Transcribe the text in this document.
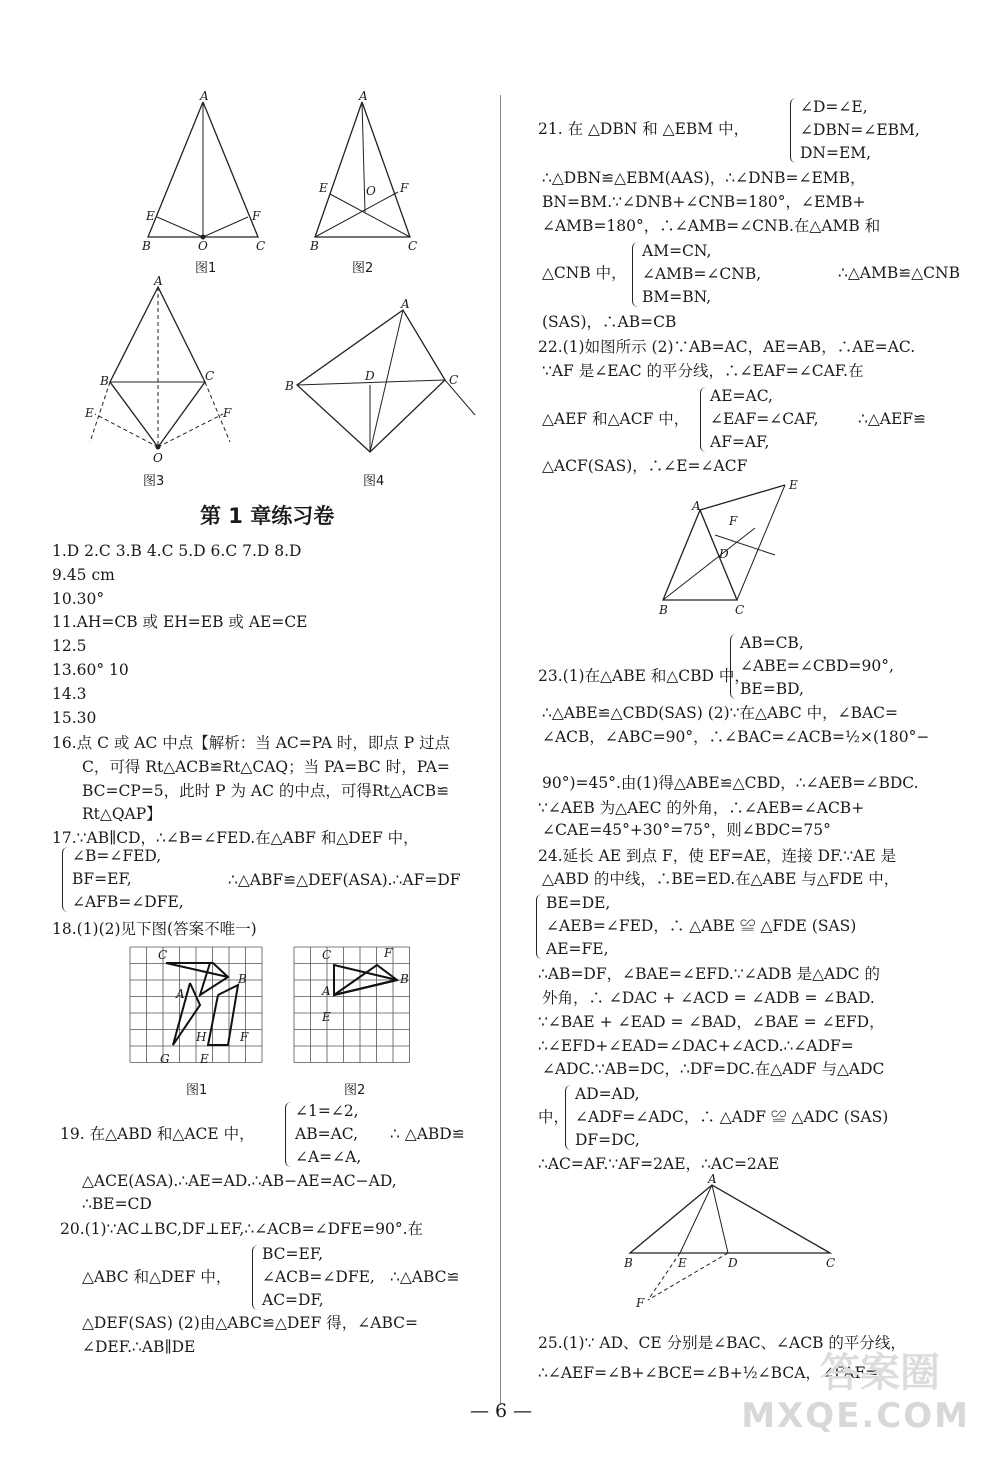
A
B	C
O
E	F
图1
A
B	C
O
E	F
图2
A
B	C
O
E	F
图3
A
B	C
D
图4
第 1 章练习卷
1.D 2.C 3.B 4.C 5.D 6.C 7.D 8.D
9.45 cm
10.30°
11.AH=CB 或 EH=EB 或 AE=CE
12.5
13.60° 10
14.3
15.30
16.点 C 或 AC 中点【解析：当 AC=PA 时，即点 P 过点
C，可得 Rt△ACB≌Rt△CAQ；当 PA=BC 时，PA=
BC=CP=5，此时 P 为 AC 的中点，可得Rt△ACB≌
Rt△QAP】
17.∵AB∥CD，∴∠B=∠FED.在△ABF 和△DEF 中，
∠B=∠FED,
BF=EF,
∠AFB=∠DFE,
∴△ABF≌△DEF(ASA).∴AF=DF
18.(1)(2)见下图(答案不唯一)
C
B
A
H	F
G	E
图1
C	F
B
A
E
图2
19. 在△ABD 和△ACE 中，
∠1=∠2,
AB=AC,
∠A=∠A,
∴ △ABD≌
△ACE(ASA).∴AE=AD.∴AB−AE=AC−AD,
∴BE=CD
20.(1)∵AC⊥BC,DF⊥EF,∴∠ACB=∠DFE=90°.在
△ABC 和△DEF 中，
BC=EF,
∠ACB=∠DFE,
AC=DF,
∴△ABC≌
△DEF(SAS) (2)由△ABC≌△DEF 得，∠ABC=
∠DEF.∴AB∥DE
21. 在 △DBN 和 △EBM 中，
∠D=∠E,
∠DBN=∠EBM,
DN=EM,
∴△DBN≌△EBM(AAS)，∴∠DNB=∠EMB，
BN=BM.∵∠DNB+∠CNB=180°，∠EMB+
∠AMB=180°，∴∠AMB=∠CNB.在△AMB 和
△CNB 中，
AM=CN,
∠AMB=∠CNB,
BM=BN,
∴△AMB≌△CNB
(SAS)，∴AB=CB
22.(1)如图所示 (2)∵AB=AC，AE=AB，∴AE=AC.
∵AF 是∠EAC 的平分线，∴∠EAF=∠CAF.在
△AEF 和△ACF 中，
AE=AC,
∠EAF=∠CAF,
AF=AF,
∴△AEF≌
△ACF(SAS)，∴∠E=∠ACF
A
E
F
D
B	C
23.(1)在△ABE 和△CBD 中，
AB=CB,
∠ABE=∠CBD=90°,
BE=BD,
∴△ABE≌△CBD(SAS) (2)∵在△ABC 中，∠BAC=
∠ACB，∠ABC=90°，∴∠BAC=∠ACB=½×(180°−
90°)=45°.由(1)得△ABE≌△CBD，∴∠AEB=∠BDC.
∵∠AEB 为△AEC 的外角，∴∠AEB=∠ACB+
∠CAE=45°+30°=75°，则∠BDC=75°
24.延长 AE 到点 F，使 EF=AE，连接 DF.∵AE 是
△ABD 的中线，∴BE=ED.在△ABE 与△FDE 中，
BE=DE,
∠AEB=∠FED，∴ △ABE ≌ △FDE (SAS)
AE=FE,
∴AB=DF，∠BAE=∠EFD.∵∠ADB 是△ADC 的
外角，∴ ∠DAC + ∠ACD = ∠ADB = ∠BAD.
∵∠BAE + ∠EAD = ∠BAD，∠BAE = ∠EFD，
∴∠EFD+∠EAD=∠DAC+∠ACD.∴∠ADF=
∠ADC.∵AB=DC，∴DF=DC.在△ADF 与△ADC
中，
AD=AD,
∠ADF=∠ADC，∴ △ADF ≌ △ADC (SAS)
DF=DC,
∴AC=AF.∵AF=2AE，∴AC=2AE
A
B	E	D	C
F
25.(1)∵ AD、CE 分别是∠BAC、∠ACB 的平分线，
∴∠AEF=∠B+∠BCE=∠B+½∠BCA，∠FAF=
— 6 —
答案圈
MXQE.COM
